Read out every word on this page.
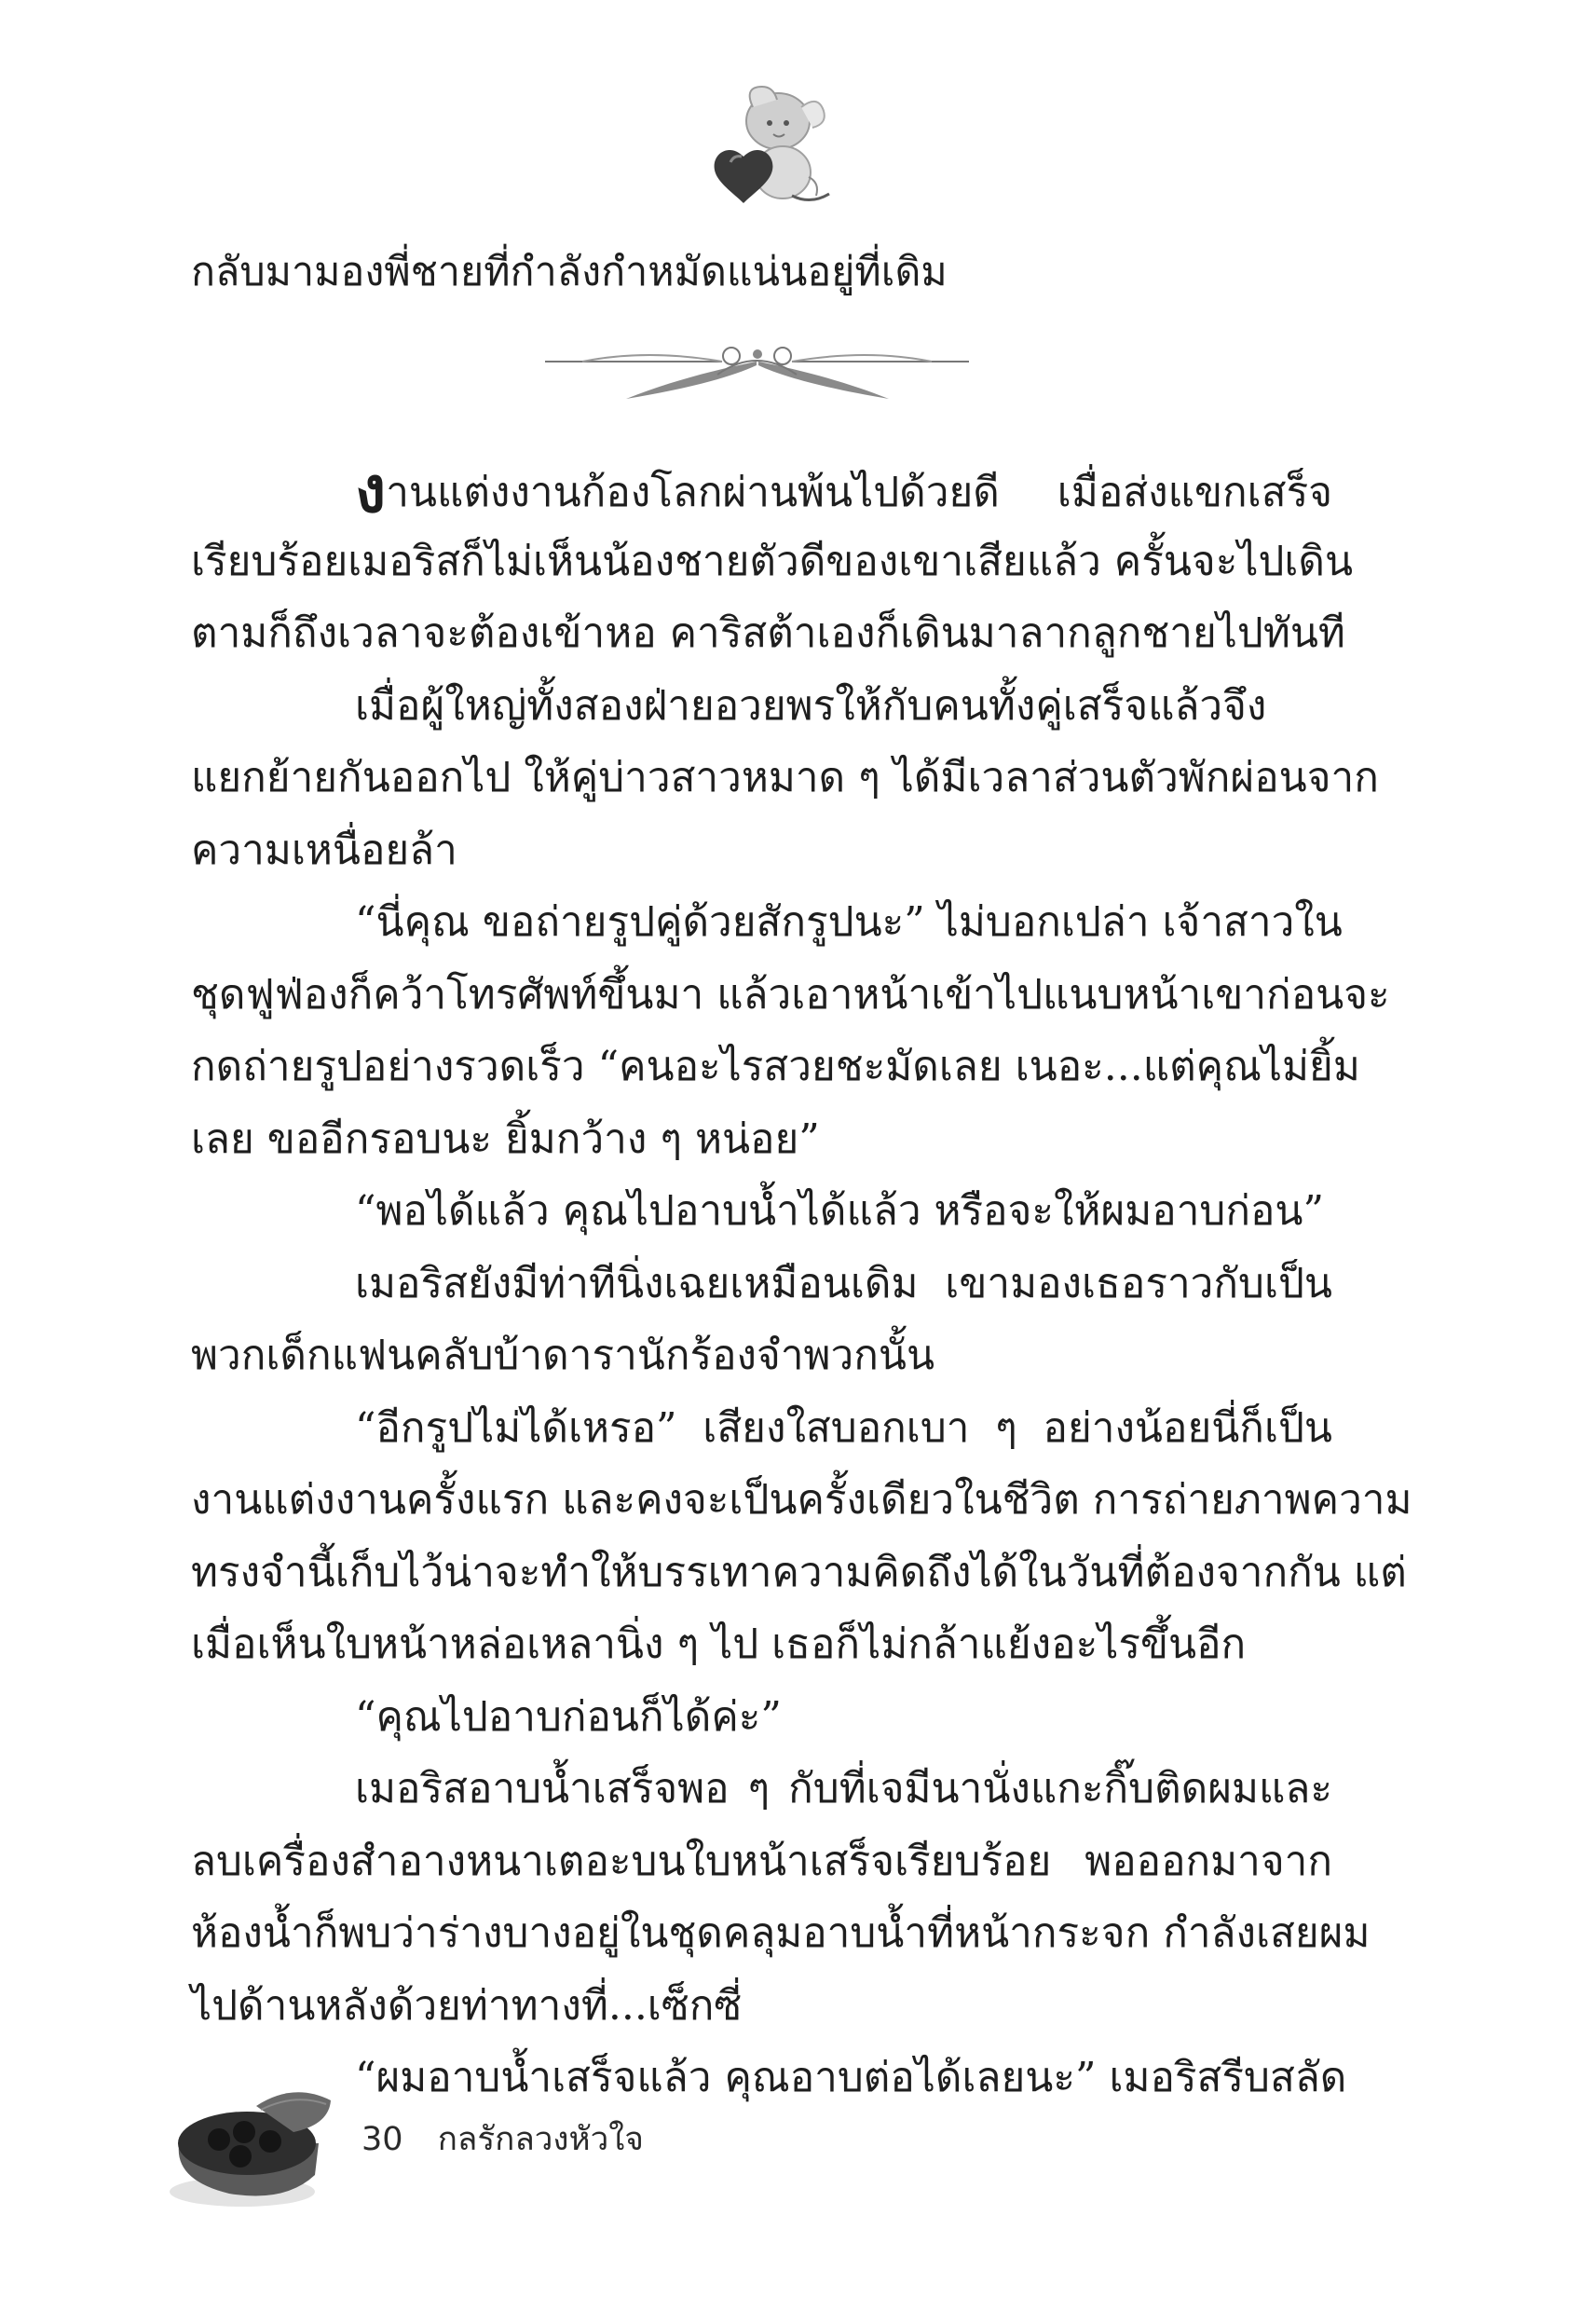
กลับมามองพี่ชายที่กำลังกำหมัดแน่นอยู่ที่เดิม
งานแต่งงานก้องโลกผ่านพ้นไปด้วยดี เมื่อส่งแขกเสร็จ
เรียบร้อยเมอริสก็ไม่เห็นน้องชายตัวดีของเขาเสียแล้ว ครั้นจะไปเดิน
ตามก็ถึงเวลาจะต้องเข้าหอ คาริสต้าเองก็เดินมาลากลูกชายไปทันที
เมื่อผู้ใหญ่ทั้งสองฝ่ายอวยพรให้กับคนทั้งคู่เสร็จแล้วจึง
แยกย้ายกันออกไป ให้คู่บ่าวสาวหมาด ๆ ได้มีเวลาส่วนตัวพักผ่อนจาก
ความเหนื่อยล้า
“นี่คุณ ขอถ่ายรูปคู่ด้วยสักรูปนะ” ไม่บอกเปล่า เจ้าสาวใน
ชุดฟูฟ่องก็คว้าโทรศัพท์ขึ้นมา แล้วเอาหน้าเข้าไปแนบหน้าเขาก่อนจะ
กดถ่ายรูปอย่างรวดเร็ว “คนอะไรสวยชะมัดเลย เนอะ...แต่คุณไม่ยิ้ม
เลย ขออีกรอบนะ ยิ้มกว้าง ๆ หน่อย”
“พอได้แล้ว คุณไปอาบน้ำได้แล้ว หรือจะให้ผมอาบก่อน”
เมอริสยังมีท่าทีนิ่งเฉยเหมือนเดิม เขามองเธอราวกับเป็น
พวกเด็กแฟนคลับบ้าดารานักร้องจำพวกนั้น
“อีกรูปไม่ได้เหรอ” เสียงใสบอกเบา ๆ อย่างน้อยนี่ก็เป็น
งานแต่งงานครั้งแรก และคงจะเป็นครั้งเดียวในชีวิต การถ่ายภาพความ
ทรงจำนี้เก็บไว้น่าจะทำให้บรรเทาความคิดถึงได้ในวันที่ต้องจากกัน แต่
เมื่อเห็นใบหน้าหล่อเหลานิ่ง ๆ ไป เธอก็ไม่กล้าแย้งอะไรขึ้นอีก
“คุณไปอาบก่อนก็ได้ค่ะ”
เมอริสอาบน้ำเสร็จพอ ๆ กับที่เจมีนานั่งแกะกิ๊บติดผมและ
ลบเครื่องสำอางหนาเตอะบนใบหน้าเสร็จเรียบร้อย พอออกมาจาก
ห้องน้ำก็พบว่าร่างบางอยู่ในชุดคลุมอาบน้ำที่หน้ากระจก กำลังเสยผม
ไปด้านหลังด้วยท่าทางที่...เซ็กซี่
“ผมอาบน้ำเสร็จแล้ว คุณอาบต่อได้เลยนะ” เมอริสรีบสลัด
30 กลรักลวงหัวใจ
